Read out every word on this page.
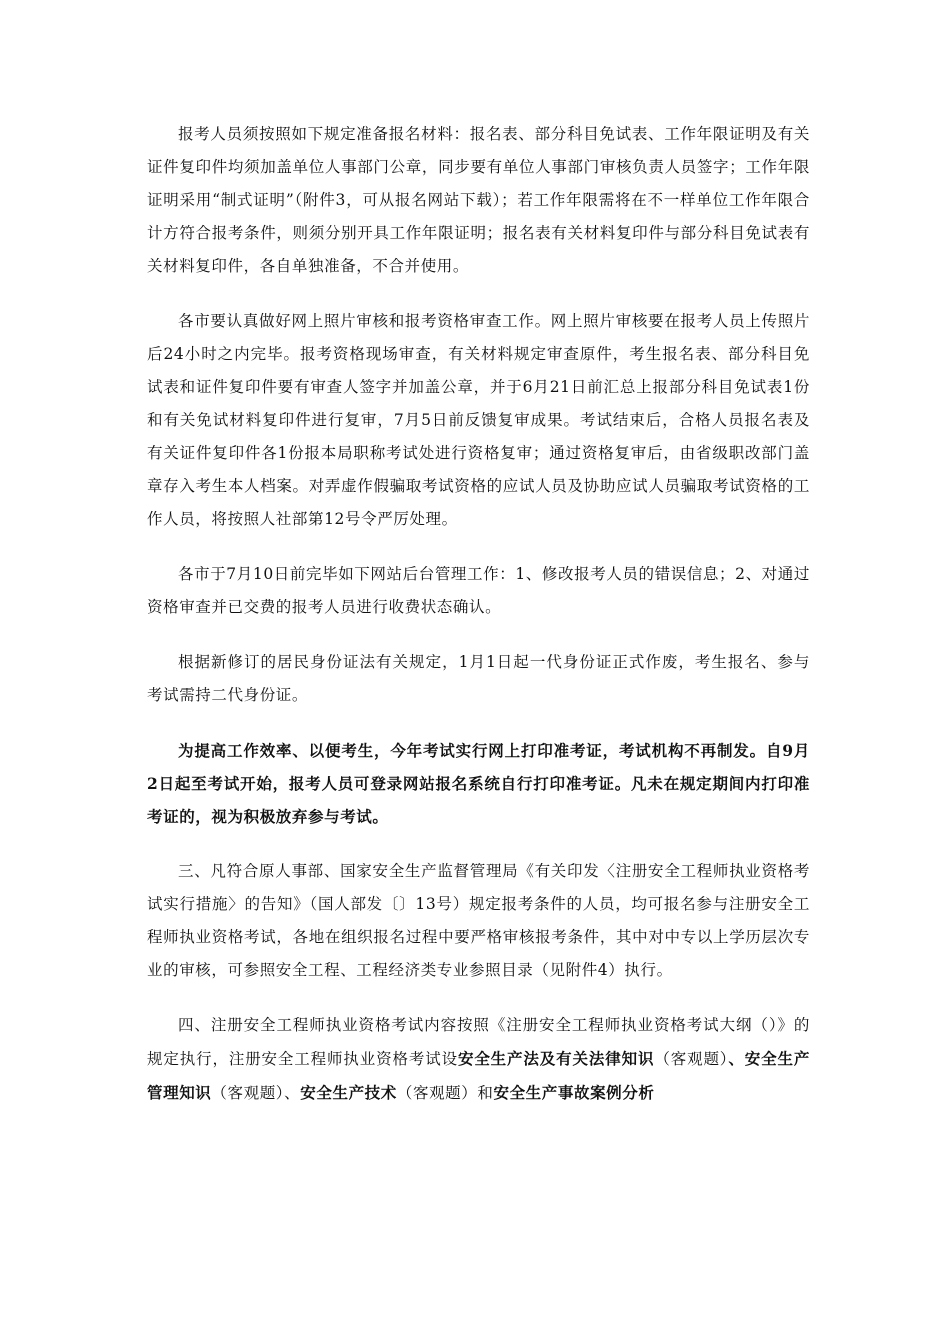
报考人员须按照如下规定准备报名材料：报名表、部分科目免试表、工作年限证明及有关证件复印件均须加盖单位人事部门公章，同步要有单位人事部门审核负责人员签字；工作年限证明采用“制式证明”（附件3，可从报名网站下载）；若工作年限需将在不一样单位工作年限合计方符合报考条件，则须分别开具工作年限证明；报名表有关材料复印件与部分科目免试表有关材料复印件，各自单独准备，不合并使用。

各市要认真做好网上照片审核和报考资格审查工作。网上照片审核要在报考人员上传照片后24小时之内完毕。报考资格现场审查，有关材料规定审查原件，考生报名表、部分科目免试表和证件复印件要有审查人签字并加盖公章，并于6月21日前汇总上报部分科目免试表1份和有关免试材料复印件进行复审，7月5日前反馈复审成果。考试结束后，合格人员报名表及有关证件复印件各1份报本局职称考试处进行资格复审；通过资格复审后，由省级职改部门盖章存入考生本人档案。对弄虚作假骗取考试资格的应试人员及协助应试人员骗取考试资格的工作人员，将按照人社部第12号令严厉处理。

各市于7月10日前完毕如下网站后台管理工作：1、修改报考人员的错误信息；2、对通过资格审查并已交费的报考人员进行收费状态确认。

根据新修订的居民身份证法有关规定，1月1日起一代身份证正式作废，考生报名、参与考试需持二代身份证。

为提高工作效率、以便考生，今年考试实行网上打印准考证，考试机构不再制发。自9月2日起至考试开始，报考人员可登录网站报名系统自行打印准考证。凡未在规定期间内打印准考证的，视为积极放弃参与考试。

三、凡符合原人事部、国家安全生产监督管理局《有关印发〈注册安全工程师执业资格考试实行措施〉的告知》（国人部发〔〕13号）规定报考条件的人员，均可报名参与注册安全工程师执业资格考试，各地在组织报名过程中要严格审核报考条件，其中对中专以上学历层次专业的审核，可参照安全工程、工程经济类专业参照目录（见附件4）执行。

四、注册安全工程师执业资格考试内容按照《注册安全工程师执业资格考试大纲（）》的规定执行，注册安全工程师执业资格考试设安全生产法及有关法律知识（客观题）、安全生产管理知识（客观题）、安全生产技术（客观题）和安全生产事故案例分析
